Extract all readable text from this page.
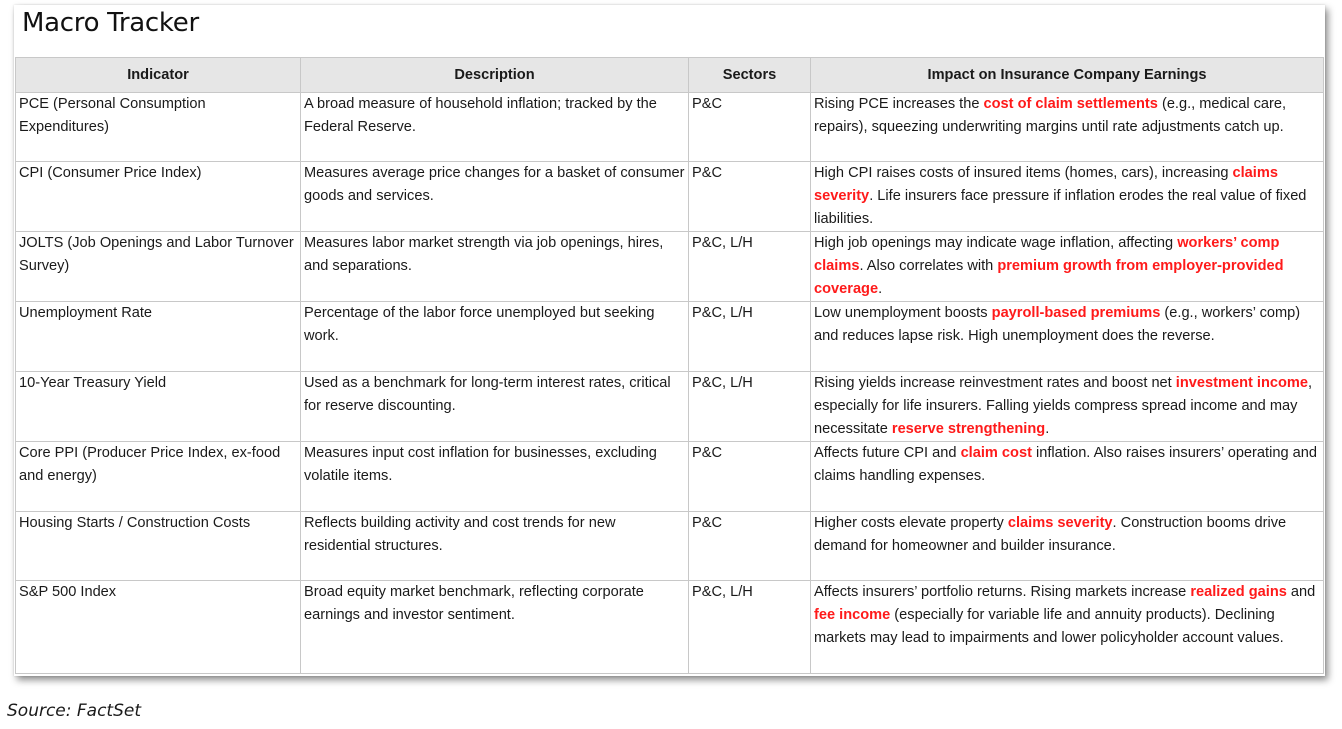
Macro Tracker
Indicator	Description	Sectors	Impact on Insurance Company Earnings
PCE (Personal Consumption Expenditures)	A broad measure of household inflation; tracked by the Federal Reserve.	P&C	Rising PCE increases the cost of claim settlements (e.g., medical care, repairs), squeezing underwriting margins until rate adjustments catch up.
CPI (Consumer Price Index)	Measures average price changes for a basket of consumer goods and services.	P&C	High CPI raises costs of insured items (homes, cars), increasing claims severity. Life insurers face pressure if inflation erodes the real value of fixed liabilities.
JOLTS (Job Openings and Labor Turnover Survey)	Measures labor market strength via job openings, hires, and separations.	P&C, L/H	High job openings may indicate wage inflation, affecting workers’ comp claims. Also correlates with premium growth from employer-provided coverage.
Unemployment Rate	Percentage of the labor force unemployed but seeking work.	P&C, L/H	Low unemployment boosts payroll-based premiums (e.g., workers’ comp) and reduces lapse risk. High unemployment does the reverse.
10-Year Treasury Yield	Used as a benchmark for long-term interest rates, critical for reserve discounting.	P&C, L/H	Rising yields increase reinvestment rates and boost net investment income, especially for life insurers. Falling yields compress spread income and may necessitate reserve strengthening.
Core PPI (Producer Price Index, ex-food and energy)	Measures input cost inflation for businesses, excluding volatile items.	P&C	Affects future CPI and claim cost inflation. Also raises insurers’ operating and claims handling expenses.
Housing Starts / Construction Costs	Reflects building activity and cost trends for new residential structures.	P&C	Higher costs elevate property claims severity. Construction booms drive demand for homeowner and builder insurance.
S&P 500 Index	Broad equity market benchmark, reflecting corporate earnings and investor sentiment.	P&C, L/H	Affects insurers’ portfolio returns. Rising markets increase realized gains and fee income (especially for variable life and annuity products). Declining markets may lead to impairments and lower policyholder account values.
Source: FactSet
